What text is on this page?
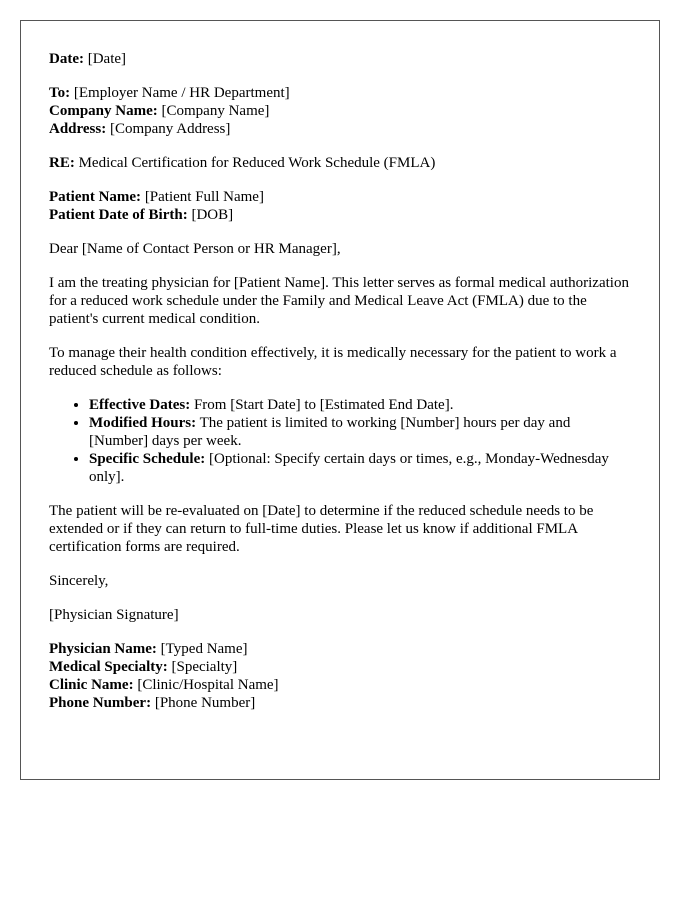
Date: [Date]
To: [Employer Name / HR Department]
Company Name: [Company Name]
Address: [Company Address]
RE: Medical Certification for Reduced Work Schedule (FMLA)
Patient Name: [Patient Full Name]
Patient Date of Birth: [DOB]

Dear [Name of Contact Person or HR Manager],

I am the treating physician for [Patient Name]. This letter serves as formal medical authorization for a reduced work schedule under the Family and Medical Leave Act (FMLA) due to the patient's current medical condition.

To manage their health condition effectively, it is medically necessary for the patient to work a reduced schedule as follows:

• Effective Dates: From [Start Date] to [Estimated End Date].
• Modified Hours: The patient is limited to working [Number] hours per day and [Number] days per week.
• Specific Schedule: [Optional: Specify certain days or times, e.g., Monday-Wednesday only].

The patient will be re-evaluated on [Date] to determine if the reduced schedule needs to be extended or if they can return to full-time duties. Please let us know if additional FMLA certification forms are required.

Sincerely,

[Physician Signature]

Physician Name: [Typed Name]
Medical Specialty: [Specialty]
Clinic Name: [Clinic/Hospital Name]
Phone Number: [Phone Number]
